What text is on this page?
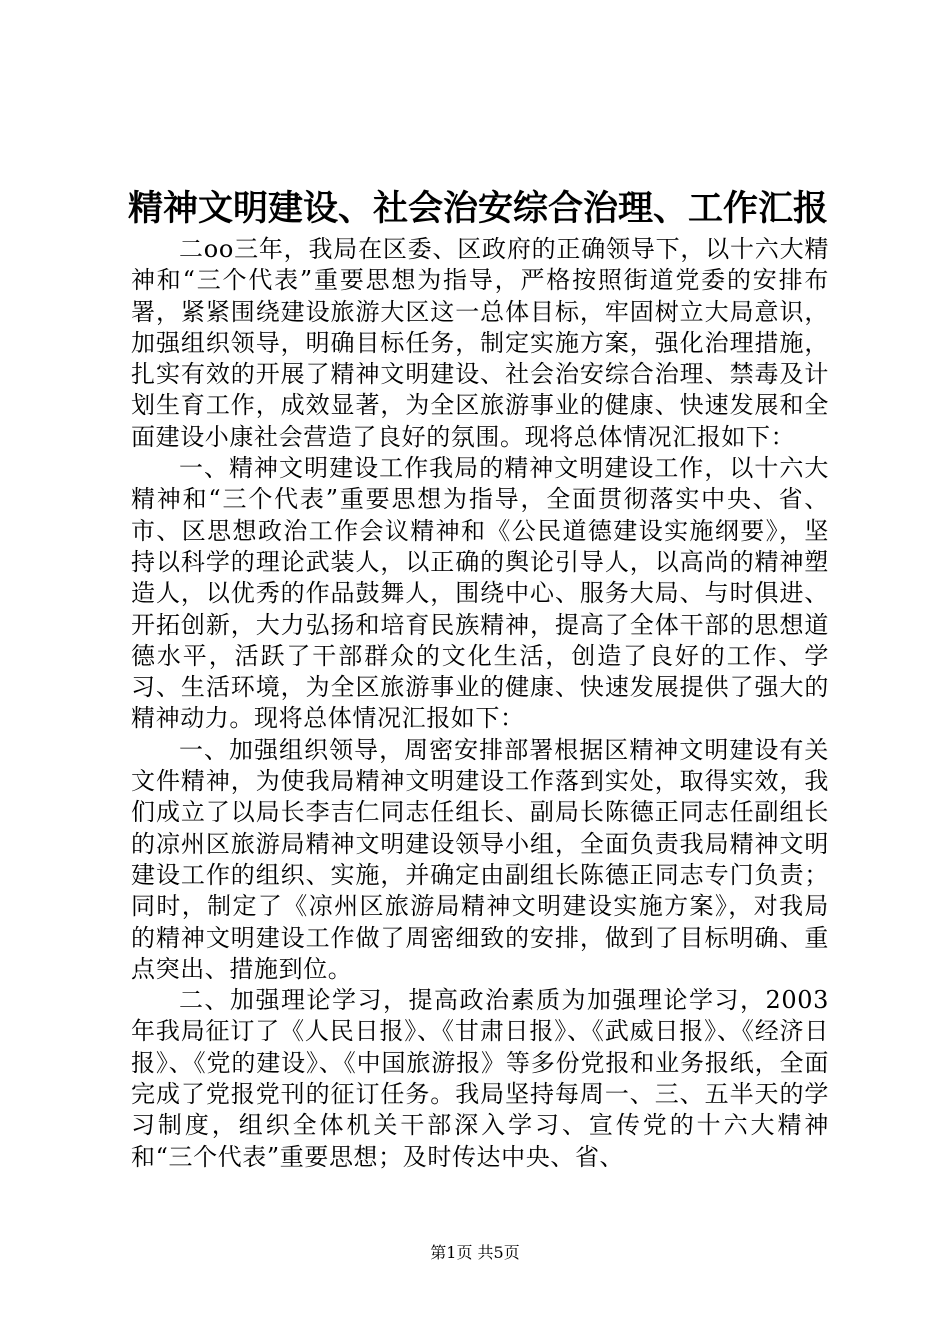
精神文明建设、社会治安综合治理、工作汇报

二oo三年，我局在区委、区政府的正确领导下，以十六大精神和“三个代表”重要思想为指导，严格按照街道党委的安排布署，紧紧围绕建设旅游大区这一总体目标，牢固树立大局意识，加强组织领导，明确目标任务，制定实施方案，强化治理措施，扎实有效的开展了精神文明建设、社会治安综合治理、禁毒及计划生育工作，成效显著，为全区旅游事业的健康、快速发展和全面建设小康社会营造了良好的氛围。现将总体情况汇报如下：

一、精神文明建设工作我局的精神文明建设工作，以十六大精神和“三个代表”重要思想为指导，全面贯彻落实中央、省、市、区思想政治工作会议精神和《公民道德建设实施纲要》，坚持以科学的理论武装人，以正确的舆论引导人，以高尚的精神塑造人，以优秀的作品鼓舞人，围绕中心、服务大局、与时俱进、开拓创新，大力弘扬和培育民族精神，提高了全体干部的思想道德水平，活跃了干部群众的文化生活，创造了良好的工作、学习、生活环境，为全区旅游事业的健康、快速发展提供了强大的精神动力。现将总体情况汇报如下：

一、加强组织领导，周密安排部署根据区精神文明建设有关文件精神，为使我局精神文明建设工作落到实处，取得实效，我们成立了以局长李吉仁同志任组长、副局长陈德正同志任副组长的凉州区旅游局精神文明建设领导小组，全面负责我局精神文明建设工作的组织、实施，并确定由副组长陈德正同志专门负责；同时，制定了《凉州区旅游局精神文明建设实施方案》，对我局的精神文明建设工作做了周密细致的安排，做到了目标明确、重点突出、措施到位。

二、加强理论学习，提高政治素质为加强理论学习，2003年我局征订了《人民日报》、《甘肃日报》、《武威日报》、《经济日报》、《党的建设》、《中国旅游报》等多份党报和业务报纸，全面完成了党报党刊的征订任务。我局坚持每周一、三、五半天的学习制度，组织全体机关干部深入学习、宣传党的十六大精神和“三个代表”重要思想；及时传达中央、省、

第1页 共5页
